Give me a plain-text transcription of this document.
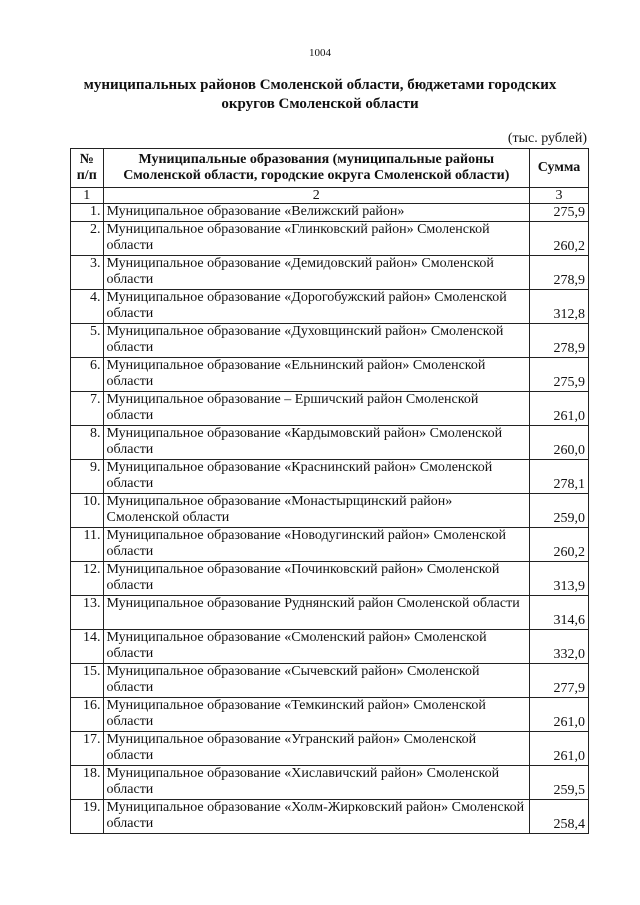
1004
муниципальных районов Смоленской области, бюджетами городских
округов Смоленской области
(тыс. рублей)
№ п/п	Муниципальные образования (муниципальные районы Смоленской области, городские округа Смоленской области)	Сумма
1	2	3
1.	Муниципальное образование «Велижский район»	275,9
2.	Муниципальное образование «Глинковский район» Смоленской области	260,2
3.	Муниципальное образование «Демидовский район» Смоленской области	278,9
4.	Муниципальное образование «Дорогобужский район» Смоленской области	312,8
5.	Муниципальное образование «Духовщинский район» Смоленской области	278,9
6.	Муниципальное образование «Ельнинский район» Смоленской области	275,9
7.	Муниципальное образование – Ершичский район Смоленской области	261,0
8.	Муниципальное образование «Кардымовский район» Смоленской области	260,0
9.	Муниципальное образование «Краснинский район» Смоленской области	278,1
10.	Муниципальное образование «Монастырщинский район» Смоленской области	259,0
11.	Муниципальное образование «Новодугинский район» Смоленской области	260,2
12.	Муниципальное образование «Починковский район» Смоленской области	313,9
13.	Муниципальное образование Руднянский район Смоленской области	314,6
14.	Муниципальное образование «Смоленский район» Смоленской области	332,0
15.	Муниципальное образование «Сычевский район» Смоленской области	277,9
16.	Муниципальное образование «Темкинский район» Смоленской области	261,0
17.	Муниципальное образование «Угранский район» Смоленской области	261,0
18.	Муниципальное образование «Хиславичский район» Смоленской области	259,5
19.	Муниципальное образование «Холм-Жирковский район» Смоленской области	258,4
